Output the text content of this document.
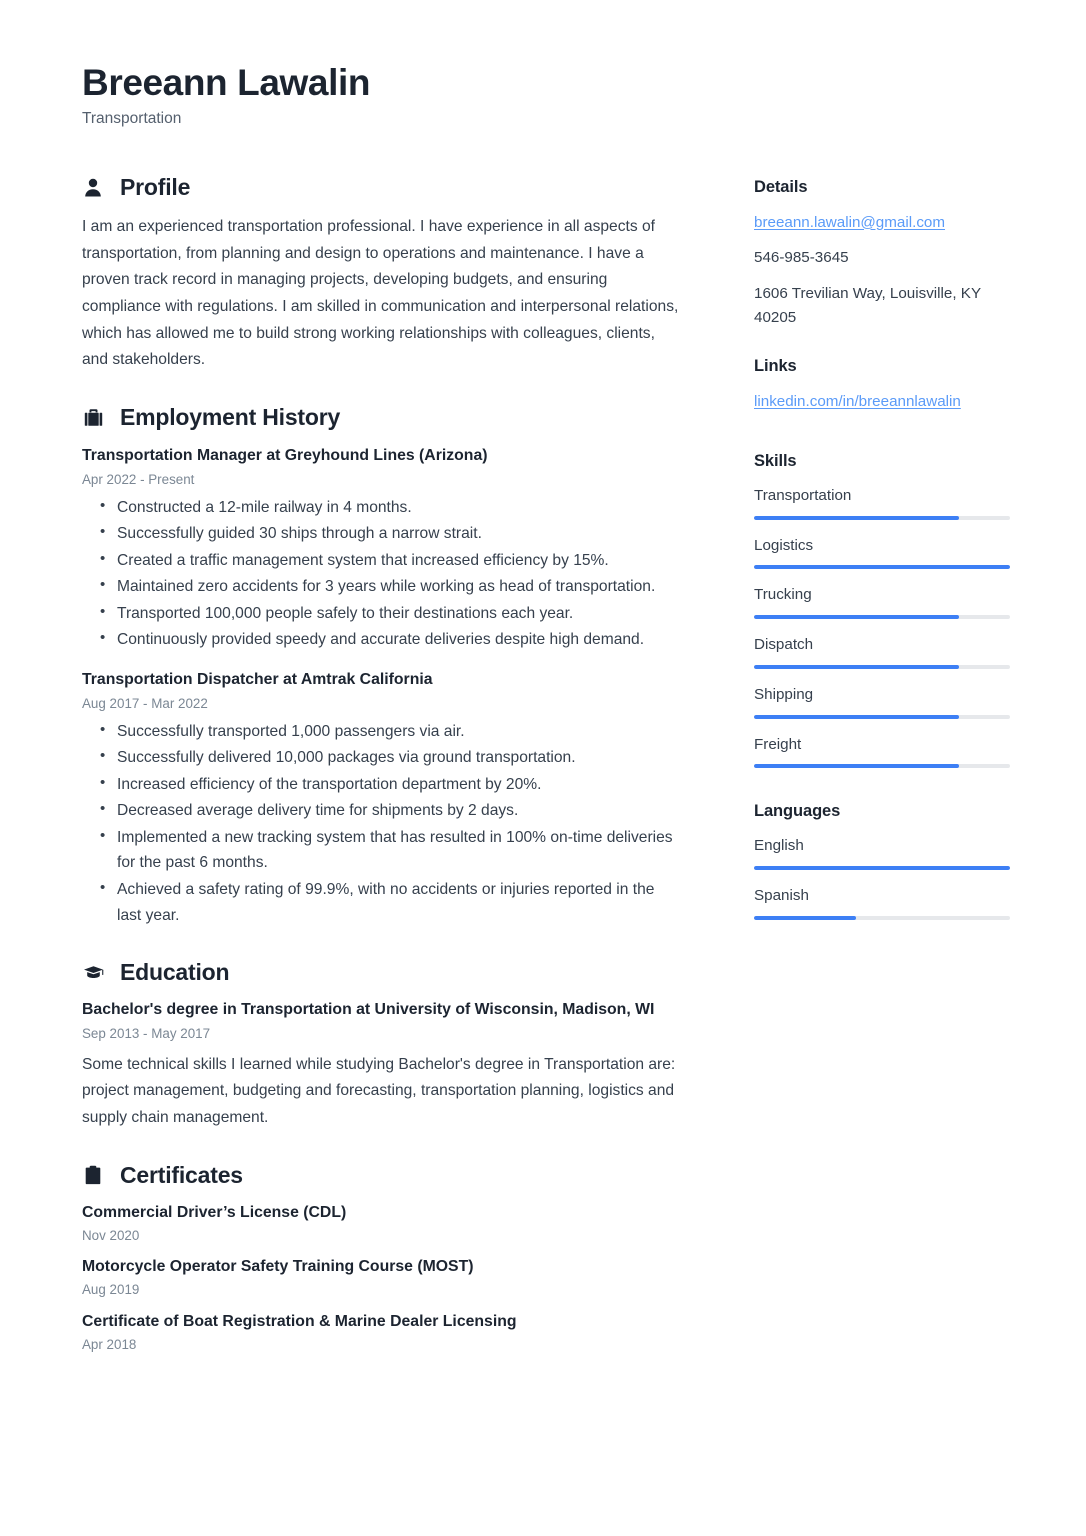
Breeann Lawalin
Transportation
Profile
I am an experienced transportation professional. I have experience in all aspects of transportation, from planning and design to operations and maintenance. I have a proven track record in managing projects, developing budgets, and ensuring compliance with regulations. I am skilled in communication and interpersonal relations, which has allowed me to build strong working relationships with colleagues, clients, and stakeholders.
Employment History
Transportation Manager at Greyhound Lines (Arizona)
Apr 2022 - Present
• Constructed a 12-mile railway in 4 months.
• Successfully guided 30 ships through a narrow strait.
• Created a traffic management system that increased efficiency by 15%.
• Maintained zero accidents for 3 years while working as head of transportation.
• Transported 100,000 people safely to their destinations each year.
• Continuously provided speedy and accurate deliveries despite high demand.
Transportation Dispatcher at Amtrak California
Aug 2017 - Mar 2022
• Successfully transported 1,000 passengers via air.
• Successfully delivered 10,000 packages via ground transportation.
• Increased efficiency of the transportation department by 20%.
• Decreased average delivery time for shipments by 2 days.
• Implemented a new tracking system that has resulted in 100% on-time deliveries for the past 6 months.
• Achieved a safety rating of 99.9%, with no accidents or injuries reported in the last year.
Education
Bachelor's degree in Transportation at University of Wisconsin, Madison, WI
Sep 2013 - May 2017
Some technical skills I learned while studying Bachelor's degree in Transportation are: project management, budgeting and forecasting, transportation planning, logistics and supply chain management.
Certificates
Commercial Driver’s License (CDL)
Nov 2020
Motorcycle Operator Safety Training Course (MOST)
Aug 2019
Certificate of Boat Registration & Marine Dealer Licensing
Apr 2018
Details
breeann.lawalin@gmail.com
546-985-3645
1606 Trevilian Way, Louisville, KY 40205
Links
linkedin.com/in/breeannlawalin
Skills
Transportation
Logistics
Trucking
Dispatch
Shipping
Freight
Languages
English
Spanish
